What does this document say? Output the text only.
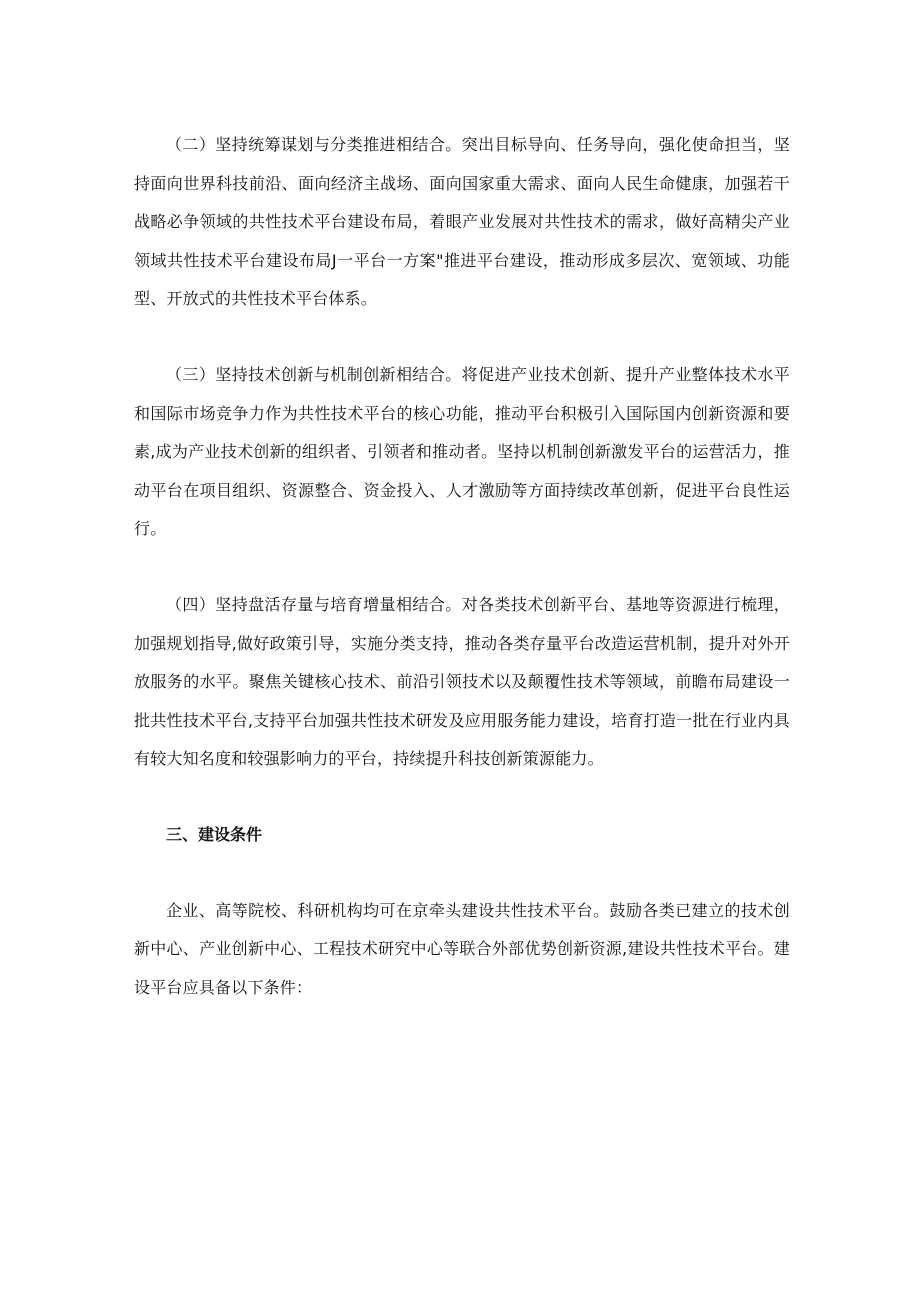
（二）坚持统筹谋划与分类推进相结合。突出目标导向、任务导向，强化使命担当，坚持面向世界科技前沿、面向经济主战场、面向国家重大需求、面向人民生命健康，加强若干战略必争领域的共性技术平台建设布局，着眼产业发展对共性技术的需求，做好高精尖产业领域共性技术平台建设布局J一平台一方案"推进平台建设，推动形成多层次、宽领域、功能型、开放式的共性技术平台体系。

（三）坚持技术创新与机制创新相结合。将促进产业技术创新、提升产业整体技术水平和国际市场竞争力作为共性技术平台的核心功能，推动平台积极引入国际国内创新资源和要素,成为产业技术创新的组织者、引领者和推动者。坚持以机制创新激发平台的运营活力，推动平台在项目组织、资源整合、资金投入、人才激励等方面持续改革创新，促进平台良性运行。

（四）坚持盘活存量与培育增量相结合。对各类技术创新平台、基地等资源进行梳理，加强规划指导,做好政策引导，实施分类支持，推动各类存量平台改造运营机制，提升对外开放服务的水平。聚焦关键核心技术、前沿引领技术以及颠覆性技术等领域，前瞻布局建设一批共性技术平台,支持平台加强共性技术研发及应用服务能力建设，培育打造一批在行业内具有较大知名度和较强影响力的平台，持续提升科技创新策源能力。

三、建设条件

企业、高等院校、科研机构均可在京牵头建设共性技术平台。鼓励各类已建立的技术创新中心、产业创新中心、工程技术研究中心等联合外部优势创新资源,建设共性技术平台。建设平台应具备以下条件：
